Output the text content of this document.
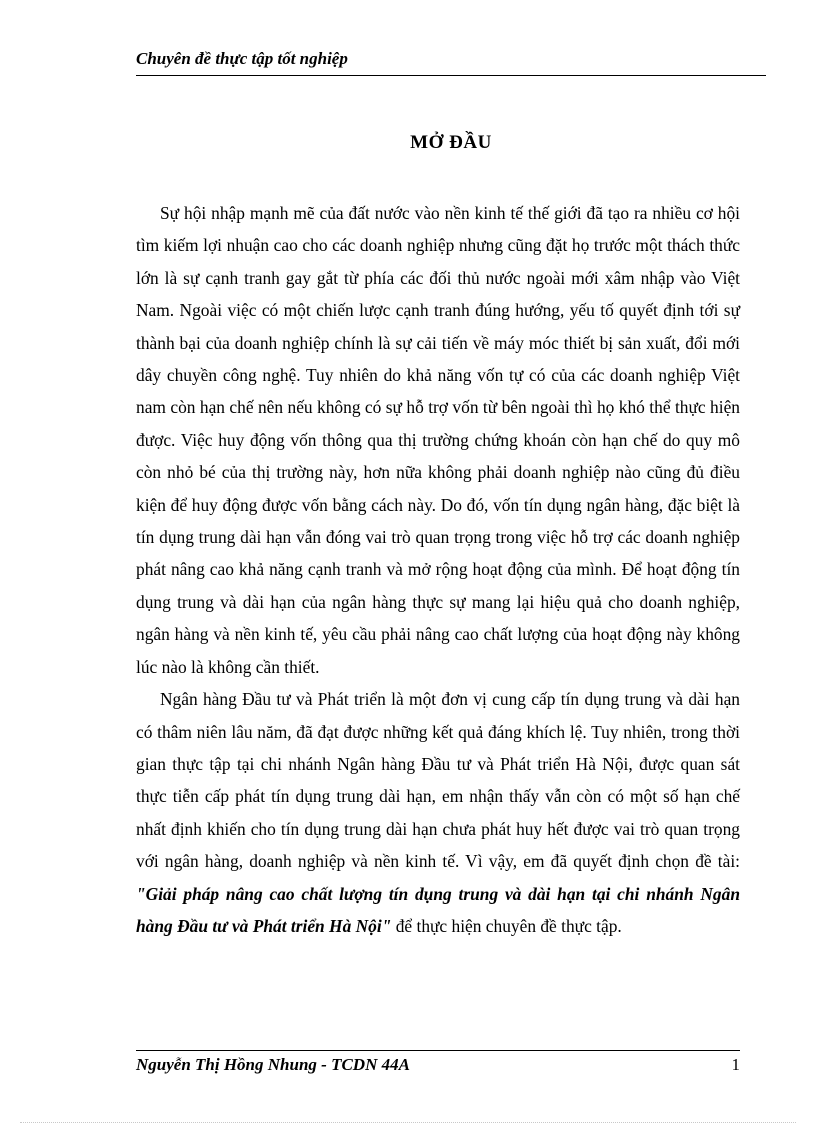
Chuyên đề thực tập tốt nghiệp
MỞ ĐẦU

Sự hội nhập mạnh mẽ của đất nước vào nền kinh tế thế giới đã tạo ra nhiều cơ hội tìm kiếm lợi nhuận cao cho các doanh nghiệp nhưng cũng đặt họ trước một thách thức lớn là sự cạnh tranh gay gắt từ phía các đối thủ nước ngoài mới xâm nhập vào Việt Nam. Ngoài việc có một chiến lược cạnh tranh đúng hướng, yếu tố quyết định tới sự thành bại của doanh nghiệp chính là sự cải tiến về máy móc thiết bị sản xuất, đổi mới dây chuyền công nghệ. Tuy nhiên do khả năng vốn tự có của các doanh nghiệp Việt nam còn hạn chế nên nếu không có sự hỗ trợ vốn từ bên ngoài thì họ khó thể thực hiện được. Việc huy động vốn thông qua thị trường chứng khoán còn hạn chế do quy mô còn nhỏ bé của thị trường này, hơn nữa không phải doanh nghiệp nào cũng đủ điều kiện để huy động được vốn bằng cách này. Do đó, vốn tín dụng ngân hàng, đặc biệt là tín dụng trung dài hạn vẫn đóng vai trò quan trọng trong việc hỗ trợ các doanh nghiệp phát nâng cao khả năng cạnh tranh và mở rộng hoạt động của mình. Để hoạt động tín dụng trung và dài hạn của ngân hàng thực sự mang lại hiệu quả cho doanh nghiệp, ngân hàng và nền kinh tế, yêu cầu phải nâng cao chất lượng của hoạt động này không lúc nào là không cần thiết.

Ngân hàng Đầu tư và Phát triển là một đơn vị cung cấp tín dụng trung và dài hạn có thâm niên lâu năm, đã đạt được những kết quả đáng khích lệ. Tuy nhiên, trong thời gian thực tập tại chi nhánh Ngân hàng Đầu tư và Phát triển Hà Nội, được quan sát thực tiễn cấp phát tín dụng trung dài hạn, em nhận thấy vẫn còn có một số hạn chế nhất định khiến cho tín dụng trung dài hạn chưa phát huy hết được vai trò quan trọng với ngân hàng, doanh nghiệp và nền kinh tế. Vì vậy, em đã quyết định chọn đề tài: "Giải pháp nâng cao chất lượng tín dụng trung và dài hạn tại chi nhánh Ngân hàng Đầu tư và Phát triển Hà Nội" để thực hiện chuyên đề thực tập.

Nguyễn Thị Hồng Nhung - TCDN 44A	1
